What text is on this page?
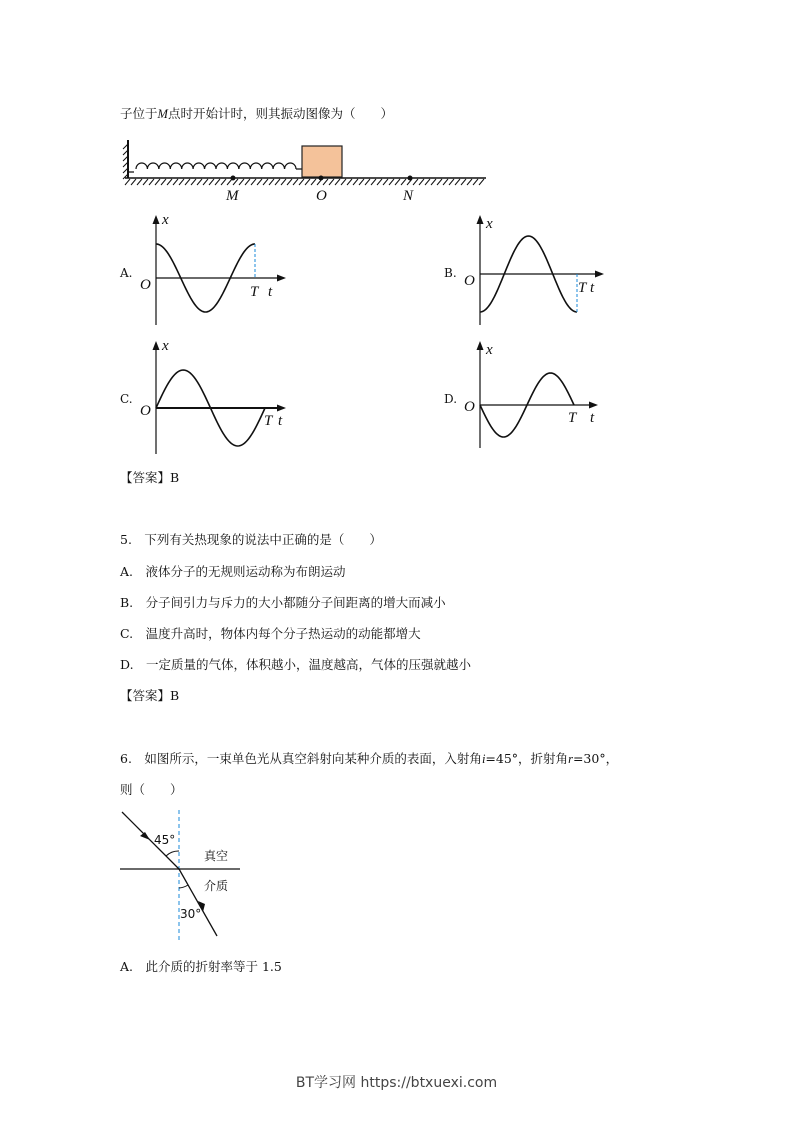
子位于M点时开始计时，则其振动图像为（　　）
M	O	N
A.
x
O	T t
B.
x
O	T t
C.
x
O
T t
D.
x
O
T t
【答案】B
5.　下列有关热现象的说法中正确的是（　　）
A.　液体分子的无规则运动称为布朗运动
B.　分子间引力与斥力的大小都随分子间距离的增大而减小
C.　温度升高时，物体内每个分子热运动的动能都增大
D.　一定质量的气体，体积越小，温度越高，气体的压强就越小
【答案】B
6.　如图所示，一束单色光从真空斜射向某种介质的表面，入射角i=45°，折射角r=30°，
则（　　）
45°
真空
介质
30°
A.　此介质的折射率等于 1.5
BT学习网 https://btxuexi.com
